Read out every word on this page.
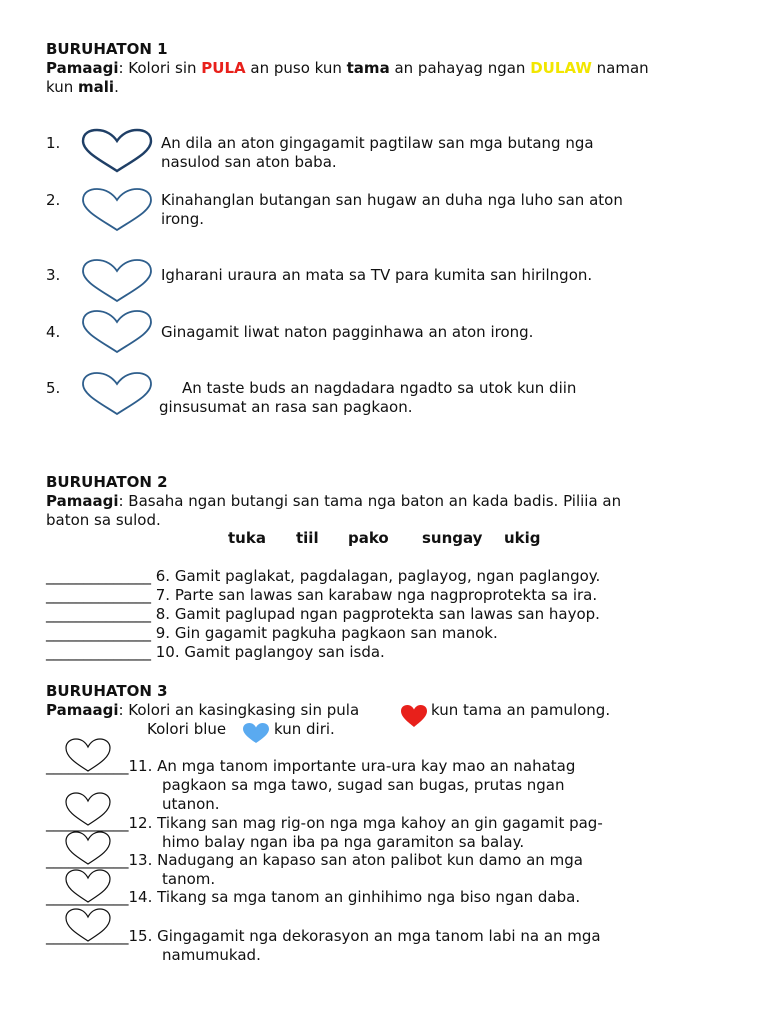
BURUHATON 1
Pamaagi: Kolori sin PULA an puso kun tama an pahayag ngan DULAW naman
kun mali.
1.	An dila an aton gingagamit pagtilaw san mga butang nga
nasulod san aton baba.
2.	Kinahanglan butangan san hugaw an duha nga luho san aton
irong.
3.	Igharani uraura an mata sa TV para kumita san hirilngon.
4.	Ginagamit liwat naton pagginhawa an aton irong.
5.	An taste buds an nagdadara ngadto sa utok kun diin
ginsusumat an rasa san pagkaon.
BURUHATON 2
Pamaagi: Basaha ngan butangi san tama nga baton an kada badis. Piliia an
baton sa sulod.
tuka tiil pako sungay ukig
______________ 6. Gamit paglakat, pagdalagan, paglayog, ngan paglangoy.
______________ 7. Parte san lawas san karabaw nga nagproprotekta sa ira.
______________ 8. Gamit paglupad ngan pagprotekta san lawas san hayop.
______________ 9. Gin gagamit pagkuha pagkaon san manok.
______________ 10. Gamit paglangoy san isda.
BURUHATON 3
Pamaagi: Kolori an kasingkasing sin pula	kun tama an pamulong.
Kolori blue	kun diri.
___________11. An mga tanom importante ura-ura kay mao an nahatag
pagkaon sa mga tawo, sugad san bugas, prutas ngan
utanon.
___________12. Tikang san mag rig-on nga mga kahoy an gin gagamit pag-
himo balay ngan iba pa nga garamiton sa balay.
___________13. Nadugang an kapaso san aton palibot kun damo an mga
tanom.
___________14. Tikang sa mga tanom an ginhihimo nga biso ngan daba.
___________15. Gingagamit nga dekorasyon an mga tanom labi na an mga
namumukad.
